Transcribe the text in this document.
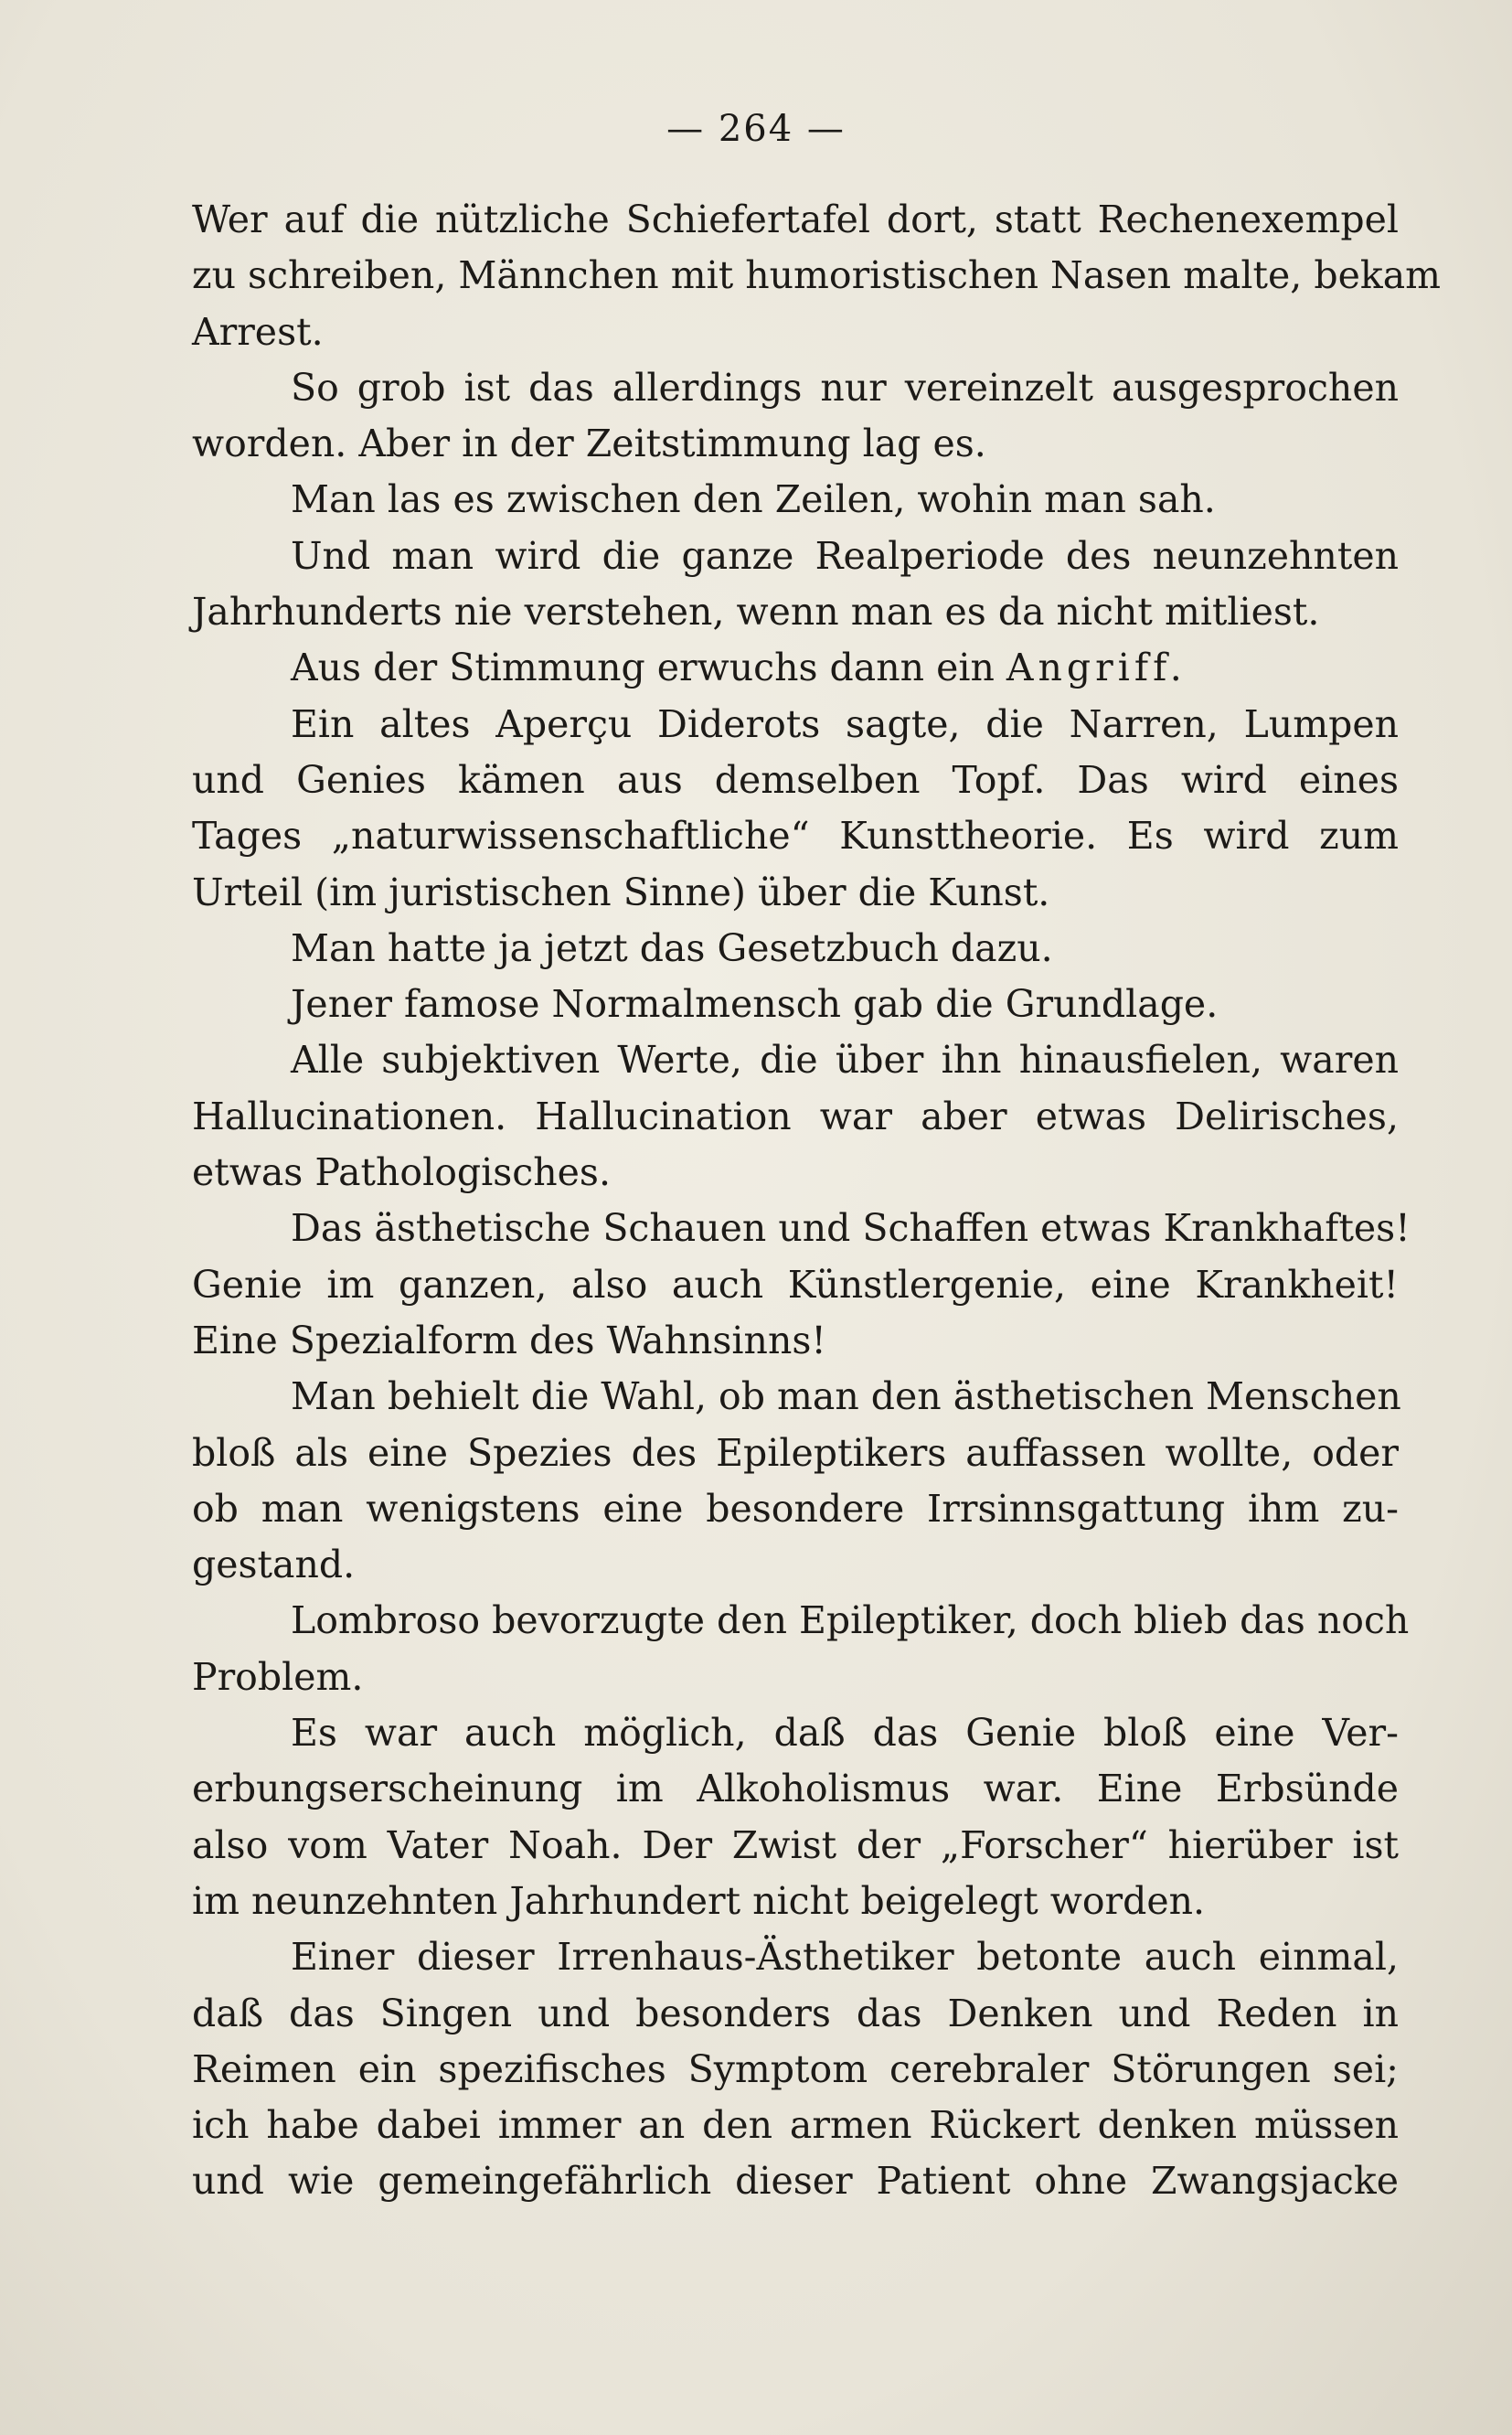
— 264 —
Wer auf die nützliche Schiefertafel dort, statt Rechenexempel
zu schreiben, Männchen mit humoristischen Nasen malte, bekam
Arrest.
So grob ist das allerdings nur vereinzelt ausgesprochen
worden. Aber in der Zeitstimmung lag es.
Man las es zwischen den Zeilen, wohin man sah.
Und man wird die ganze Realperiode des neunzehnten
Jahrhunderts nie verstehen, wenn man es da nicht mitliest.
Aus der Stimmung erwuchs dann ein Angriff.
Ein altes Aperçu Diderots sagte, die Narren, Lumpen
und Genies kämen aus demselben Topf. Das wird eines
Tages „naturwissenschaftliche“ Kunsttheorie. Es wird zum
Urteil (im juristischen Sinne) über die Kunst.
Man hatte ja jetzt das Gesetzbuch dazu.
Jener famose Normalmensch gab die Grundlage.
Alle subjektiven Werte, die über ihn hinausfielen, waren
Hallucinationen. Hallucination war aber etwas Delirisches,
etwas Pathologisches.
Das ästhetische Schauen und Schaffen etwas Krankhaftes!
Genie im ganzen, also auch Künstlergenie, eine Krankheit!
Eine Spezialform des Wahnsinns!
Man behielt die Wahl, ob man den ästhetischen Menschen
bloß als eine Spezies des Epileptikers auffassen wollte, oder
ob man wenigstens eine besondere Irrsinnsgattung ihm zu-
gestand.
Lombroso bevorzugte den Epileptiker, doch blieb das noch
Problem.
Es war auch möglich, daß das Genie bloß eine Ver-
erbungserscheinung im Alkoholismus war. Eine Erbsünde
also vom Vater Noah. Der Zwist der „Forscher“ hierüber ist
im neunzehnten Jahrhundert nicht beigelegt worden.
Einer dieser Irrenhaus-Ästhetiker betonte auch einmal,
daß das Singen und besonders das Denken und Reden in
Reimen ein spezifisches Symptom cerebraler Störungen sei;
ich habe dabei immer an den armen Rückert denken müssen
und wie gemeingefährlich dieser Patient ohne Zwangsjacke
